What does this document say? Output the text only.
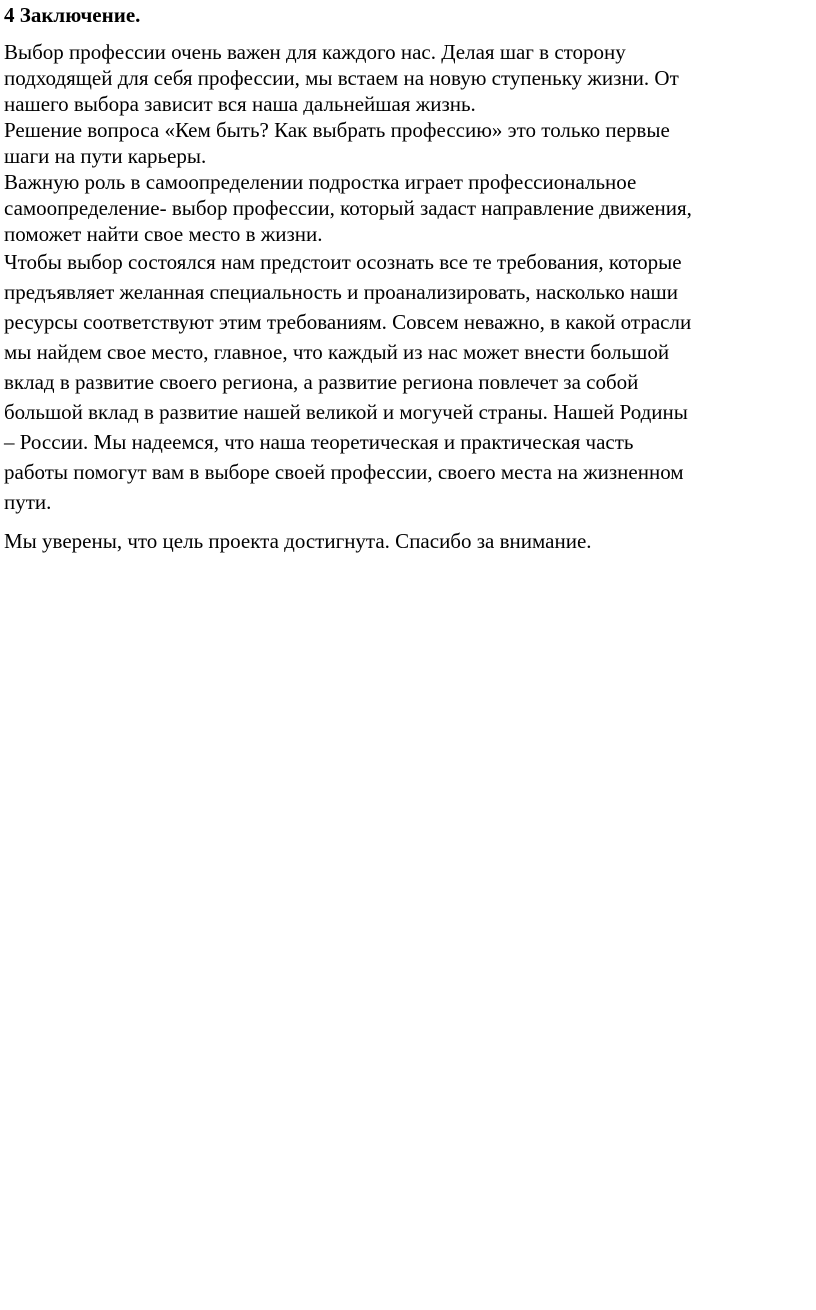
4 Заключение.

Выбор профессии очень важен для каждого нас. Делая шаг в сторону
подходящей для себя профессии, мы встаем на новую ступеньку жизни. От
нашего выбора зависит вся наша дальнейшая жизнь.
Решение вопроса «Кем быть? Как выбрать профессию» это только первые
шаги на пути карьеры.
Важную роль в самоопределении подростка играет профессиональное
самоопределение- выбор профессии, который задаст направление движения,
поможет найти свое место в жизни.

Чтобы выбор состоялся нам предстоит осознать все те требования, которые
предъявляет желанная специальность и проанализировать, насколько наши
ресурсы соответствуют этим требованиям. Совсем неважно, в какой отрасли
мы найдем свое место, главное, что каждый из нас может внести большой
вклад в развитие своего региона, а развитие региона повлечет за собой
большой вклад в развитие нашей великой и могучей страны. Нашей Родины
– России. Мы надеемся, что наша теоретическая и практическая часть
работы помогут вам в выборе своей профессии, своего места на жизненном
пути.

Мы уверены, что цель проекта достигнута. Спасибо за внимание.
